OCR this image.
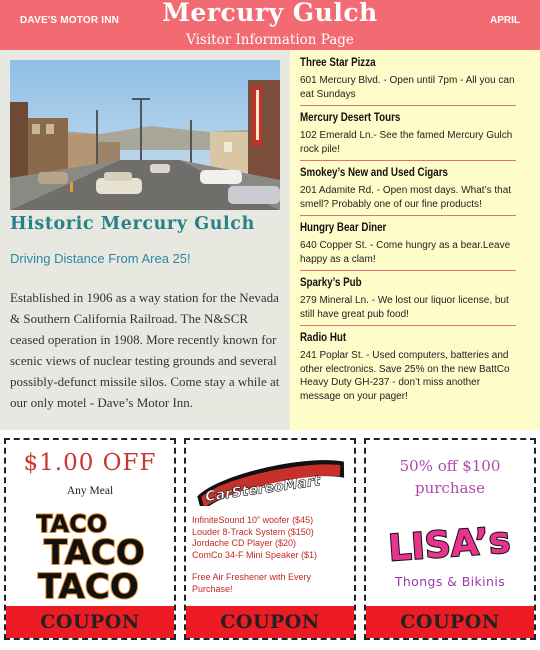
DAVE'S MOTOR INN	Mercury Gulch
Visitor Information Page
APRIL
Historic Mercury Gulch
Driving Distance From Area 25!
Established in 1906 as a way station for the Nevada & Southern California Railroad. The N&SCR ceased operation in 1908. More recently known for scenic views of nuclear testing grounds and several possibly-defunct missile silos. Come stay a while at our only motel - Dave’s Motor Inn.
Three Star Pizza
601 Mercury Blvd. - Open until 7pm - All you can eat Sundays
Mercury Desert Tours
102 Emerald Ln.- See the famed Mercury Gulch rock pile!
Smokey’s New and Used Cigars
201 Adamite Rd. - Open most days. What’s that smell? Probably one of our fine products!
Hungry Bear Diner
640 Copper St. - Come hungry as a bear.Leave happy as a clam!
Sparky’s Pub
279 Mineral Ln. - We lost our liquor license, but still have great pub food!
Radio Hut
241 Poplar St. - Used computers, batteries and other electronics. Save 25% on the new BattCo Heavy Duty GH-237 - don’t miss another message on your pager!
$1.00 OFF
Any Meal
TACO
TACO
TACO
COUPON
CarStereoMart
InfiniteSound 10” woofer ($45)
Louder 8-Track System ($150)
Jordache CD Player ($20)
ComCo 34-F Mini Speaker ($1)
Free Air Freshener with Every Purchase!
COUPON
50% off $100
purchase
LISA’s
Thongs & Bikinis
COUPON
